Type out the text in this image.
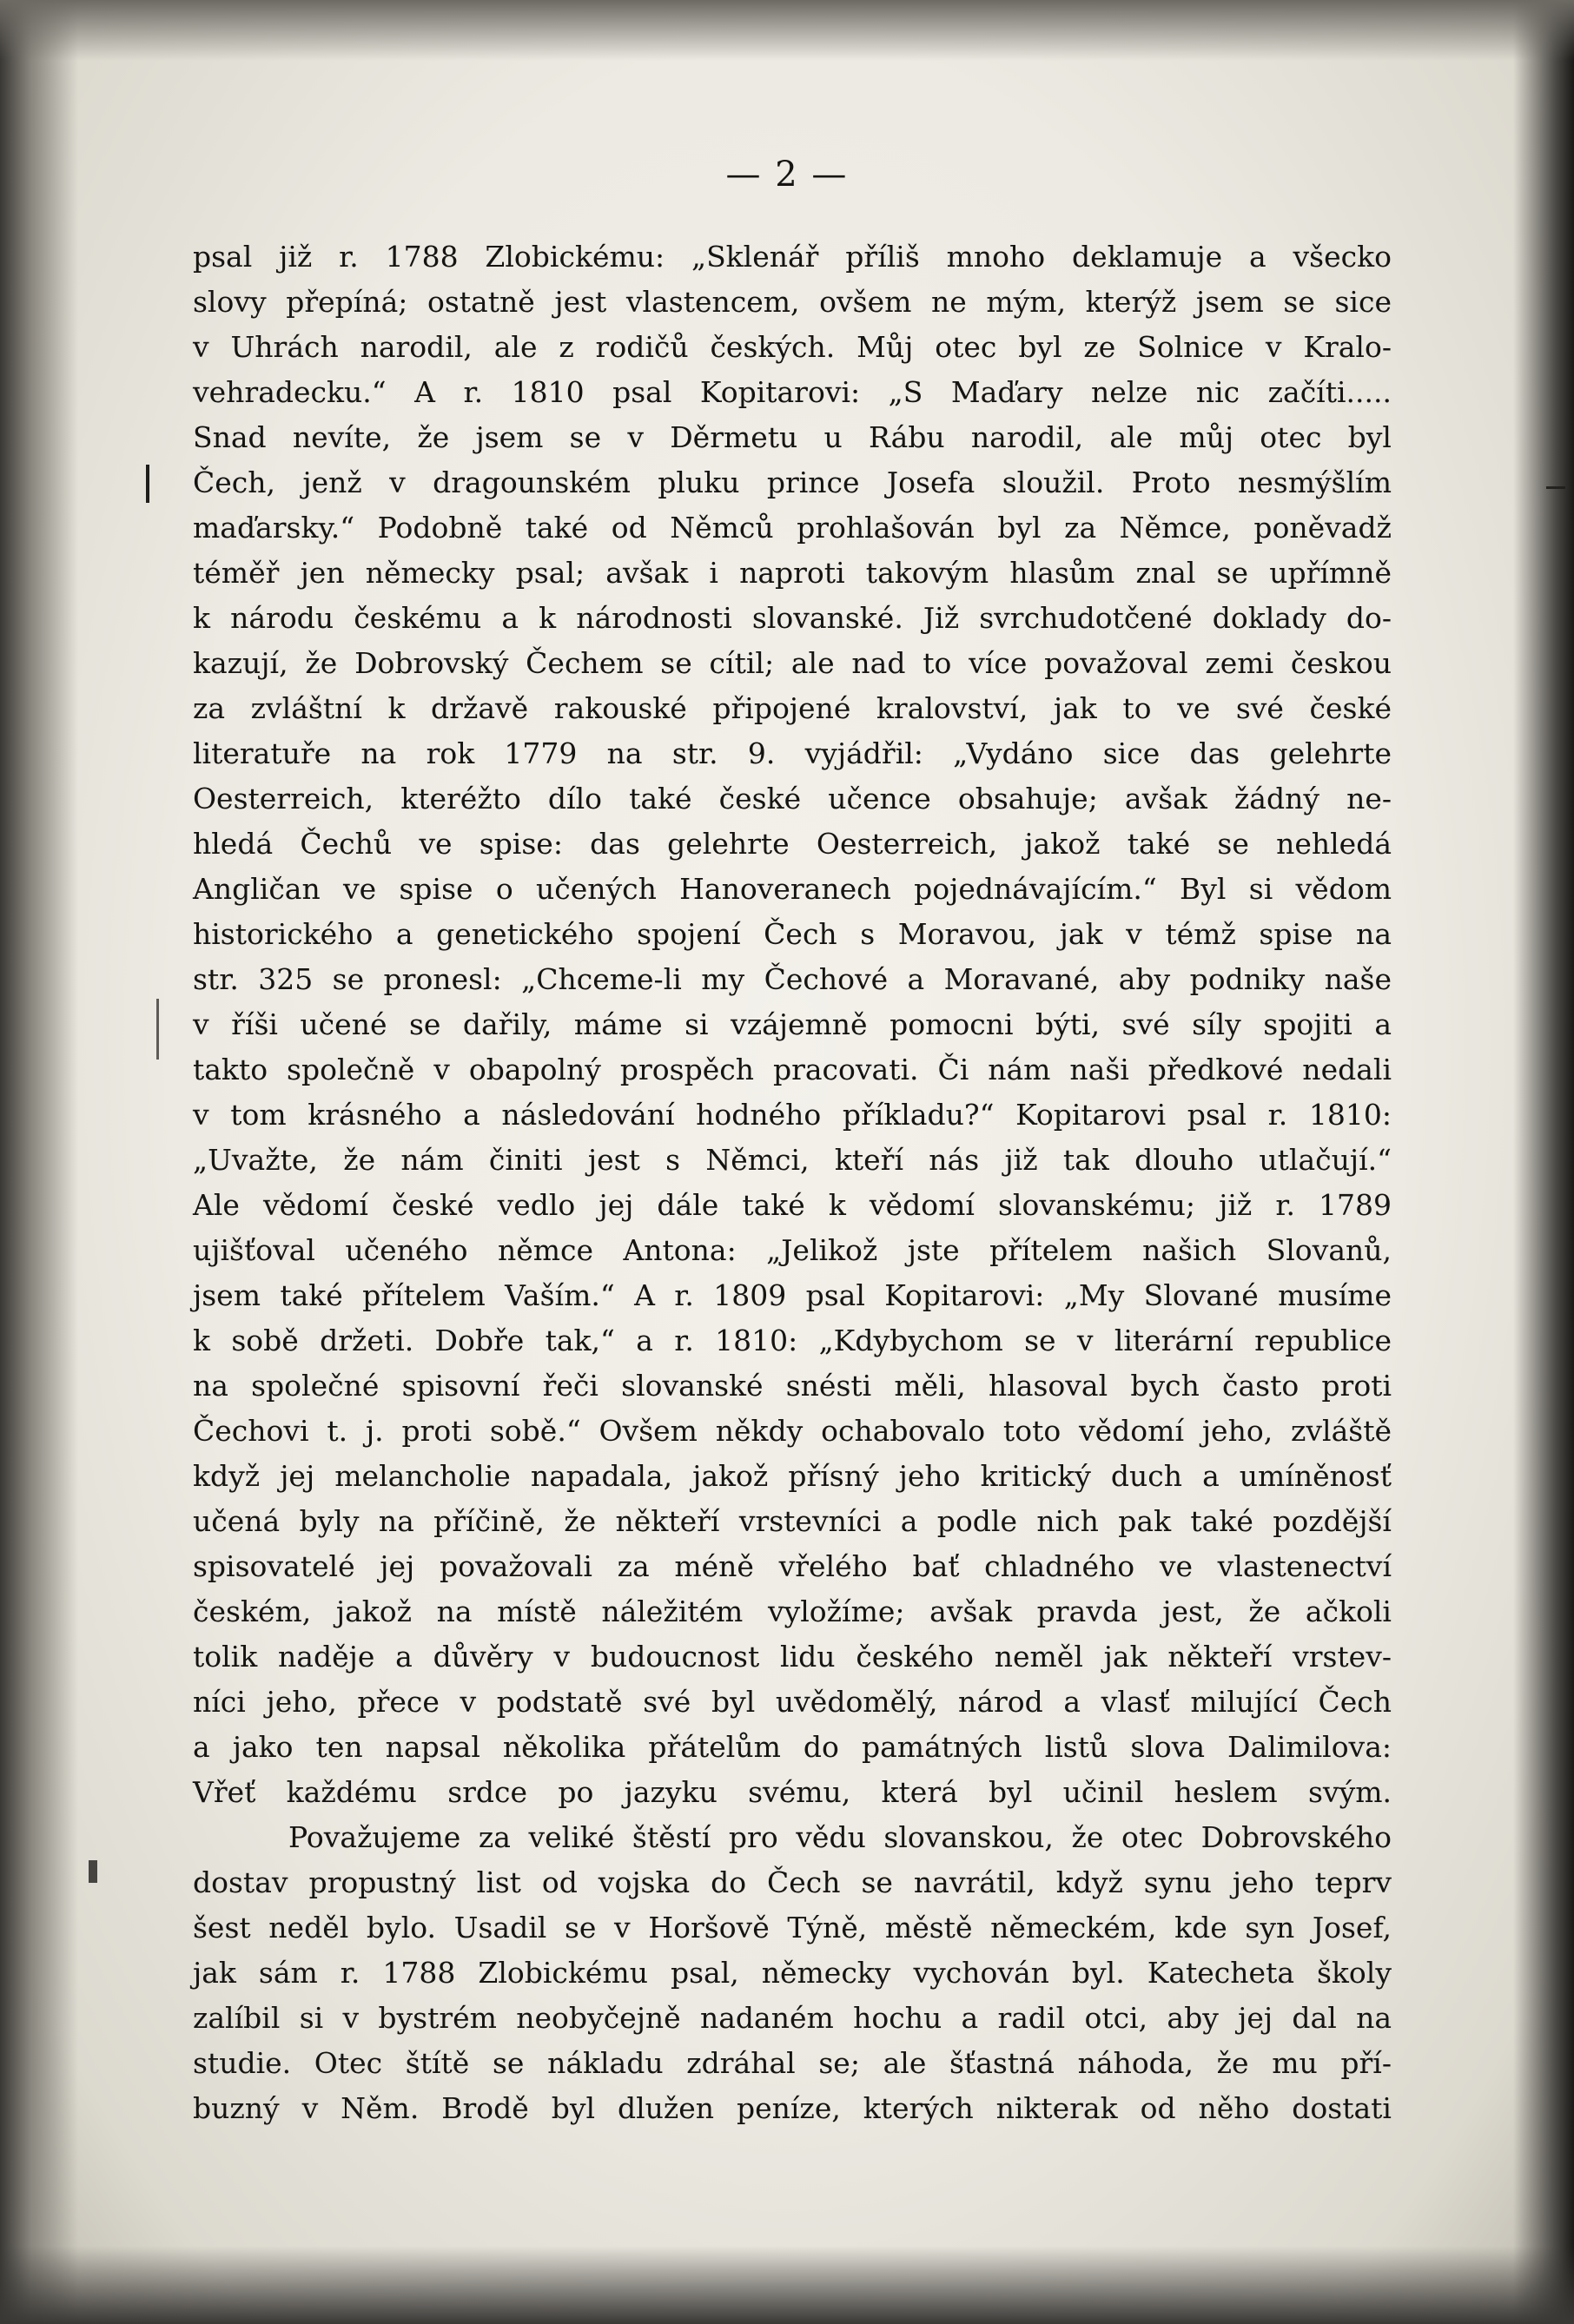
— 2 —
psal již r. 1788 Zlobickému: „Sklenář příliš mnoho deklamuje a všecko
slovy přepíná; ostatně jest vlastencem, ovšem ne mým, kterýž jsem se sice
v Uhrách narodil, ale z rodičů českých. Můj otec byl ze Solnice v Kralo-
vehradecku.“ A r. 1810 psal Kopitarovi: „S Maďary nelze nic začíti.....
Snad nevíte, že jsem se v Děrmetu u Rábu narodil, ale můj otec byl
Čech, jenž v dragounském pluku prince Josefa sloužil. Proto nesmýšlím
maďarsky.“ Podobně také od Němců prohlašován byl za Němce, poněvadž
téměř jen německy psal; avšak i naproti takovým hlasům znal se upřímně
k národu českému a k národnosti slovanské. Již svrchudotčené doklady do-
kazují, že Dobrovský Čechem se cítil; ale nad to více považoval zemi českou
za zvláštní k državě rakouské připojené kralovství, jak to ve své české
literatuře na rok 1779 na str. 9. vyjádřil: „Vydáno sice das gelehrte
Oesterreich, kteréžto dílo také české učence obsahuje; avšak žádný ne-
hledá Čechů ve spise: das gelehrte Oesterreich, jakož také se nehledá
Angličan ve spise o učených Hanoveranech pojednávajícím.“ Byl si vědom
historického a genetického spojení Čech s Moravou, jak v témž spise na
str. 325 se pronesl: „Chceme-li my Čechové a Moravané, aby podniky naše
v říši učené se dařily, máme si vzájemně pomocni býti, své síly spojiti a
takto společně v obapolný prospěch pracovati. Či nám naši předkové nedali
v tom krásného a následování hodného příkladu?“ Kopitarovi psal r. 1810:
„Uvažte, že nám činiti jest s Němci, kteří nás již tak dlouho utlačují.“
Ale vědomí české vedlo jej dále také k vědomí slovanskému; již r. 1789
ujišťoval učeného němce Antona: „Jelikož jste přítelem našich Slovanů,
jsem také přítelem Vaším.“ A r. 1809 psal Kopitarovi: „My Slované musíme
k sobě držeti. Dobře tak,“ a r. 1810: „Kdybychom se v literární republice
na společné spisovní řeči slovanské snésti měli, hlasoval bych často proti
Čechovi t. j. proti sobě.“ Ovšem někdy ochabovalo toto vědomí jeho, zvláště
když jej melancholie napadala, jakož přísný jeho kritický duch a umíněnosť
učená byly na příčině, že někteří vrstevníci a podle nich pak také pozdější
spisovatelé jej považovali za méně vřelého bať chladného ve vlastenectví
českém, jakož na místě náležitém vyložíme; avšak pravda jest, že ačkoli
tolik naděje a důvěry v budoucnost lidu českého neměl jak někteří vrstev-
níci jeho, přece v podstatě své byl uvědomělý, národ a vlasť milující Čech
a jako ten napsal několika přátelům do památných listů slova Dalimilova:
Vřeť každému srdce po jazyku svému, která byl učinil heslem svým.
Považujeme za veliké štěstí pro vědu slovanskou, že otec Dobrovského
dostav propustný list od vojska do Čech se navrátil, když synu jeho teprv
šest neděl bylo. Usadil se v Horšově Týně, městě německém, kde syn Josef,
jak sám r. 1788 Zlobickému psal, německy vychován byl. Katecheta školy
zalíbil si v bystrém neobyčejně nadaném hochu a radil otci, aby jej dal na
studie. Otec štítě se nákladu zdráhal se; ale šťastná náhoda, že mu pří-
buzný v Něm. Brodě byl dlužen peníze, kterých nikterak od něho dostati
